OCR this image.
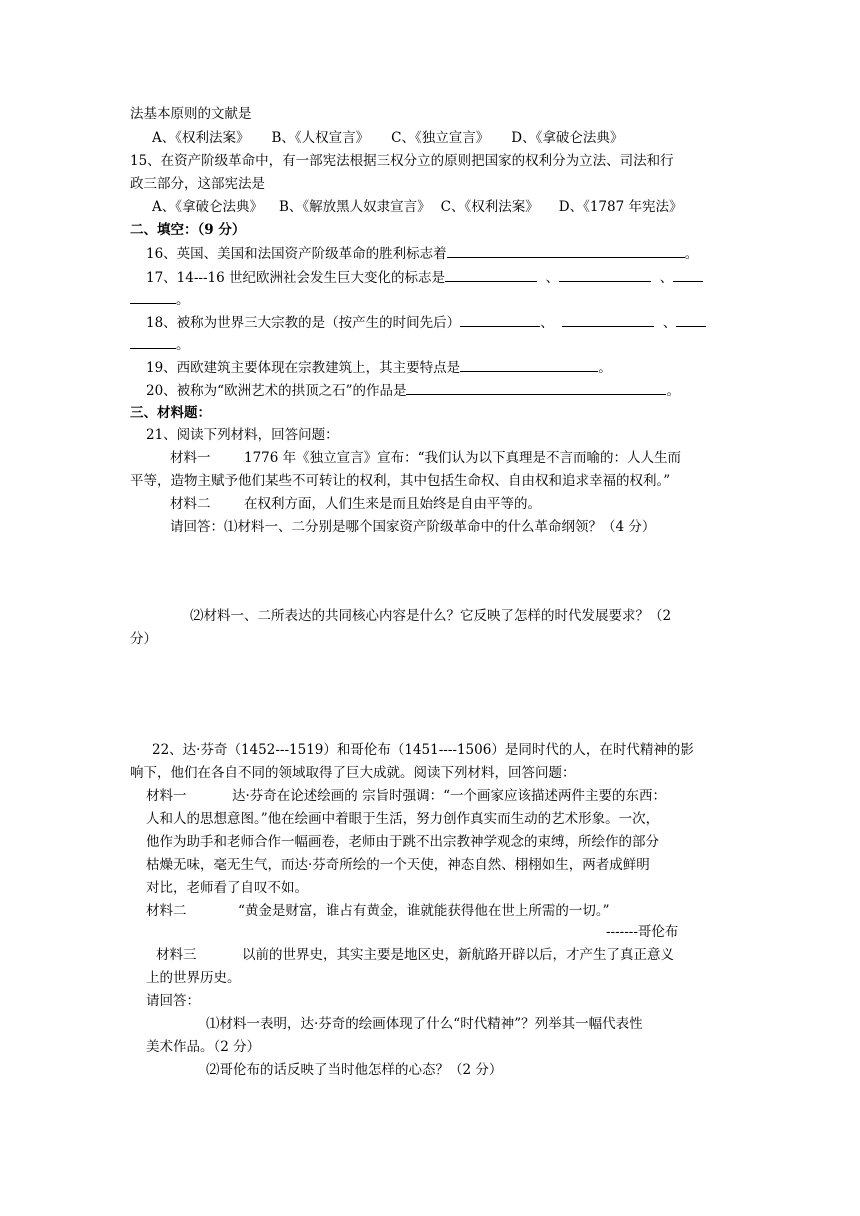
法基本原则的文献是
A、《权利法案》 B、《人权宣言》 C、《独立宣言》 D、《拿破仑法典》
15、在资产阶级革命中，有一部宪法根据三权分立的原则把国家的权利分为立法、司法和行
政三部分，这部宪法是
A、《拿破仑法典》 B、《解放黑人奴隶宣言》 C、《权利法案》 D、《1787 年宪法》
二、填空：（9 分）
16、英国、美国和法国资产阶级革命的胜利标志着	。
17、14---16 世纪欧洲社会发生巨大变化的标志是	、	、
。
18、被称为世界三大宗教的是（按产生的时间先后）	、	、
。
19、西欧建筑主要体现在宗教建筑上，其主要特点是	。
20、被称为“欧洲艺术的拱顶之石”的作品是	。
三、材料题：
21、阅读下列材料，回答问题：
材料一 1776 年《独立宣言》宣布：“我们认为以下真理是不言而喻的：人人生而
平等，造物主赋予他们某些不可转让的权利，其中包括生命权、自由权和追求幸福的权利。”
材料二 在权利方面，人们生来是而且始终是自由平等的。
请回答：⑴材料一、二分别是哪个国家资产阶级革命中的什么革命纲领？（4 分）
⑵材料一、二所表达的共同核心内容是什么？它反映了怎样的时代发展要求？（2
分）
22、达·芬奇（1452---1519）和哥伦布（1451----1506）是同时代的人，在时代精神的影
响下，他们在各自不同的领域取得了巨大成就。阅读下列材料，回答问题：
材料一	达·芬奇在论述绘画的 宗旨时强调：“一个画家应该描述两件主要的东西：
人和人的思想意图。”他在绘画中着眼于生活，努力创作真实而生动的艺术形象。一次，
他作为助手和老师合作一幅画卷，老师由于跳不出宗教神学观念的束缚，所绘作的部分
枯燥无味，毫无生气，而达·芬奇所绘的一个天使，神态自然、栩栩如生，两者成鲜明
对比，老师看了自叹不如。
材料二	“黄金是财富，谁占有黄金，谁就能获得他在世上所需的一切。”
-------哥伦布
材料三	以前的世界史，其实主要是地区史，新航路开辟以后，才产生了真正意义
上的世界历史。
请回答：
⑴材料一表明，达·芬奇的绘画体现了什么“时代精神”？列举其一幅代表性
美术作品。（2 分）
⑵哥伦布的话反映了当时他怎样的心态？（2 分）
